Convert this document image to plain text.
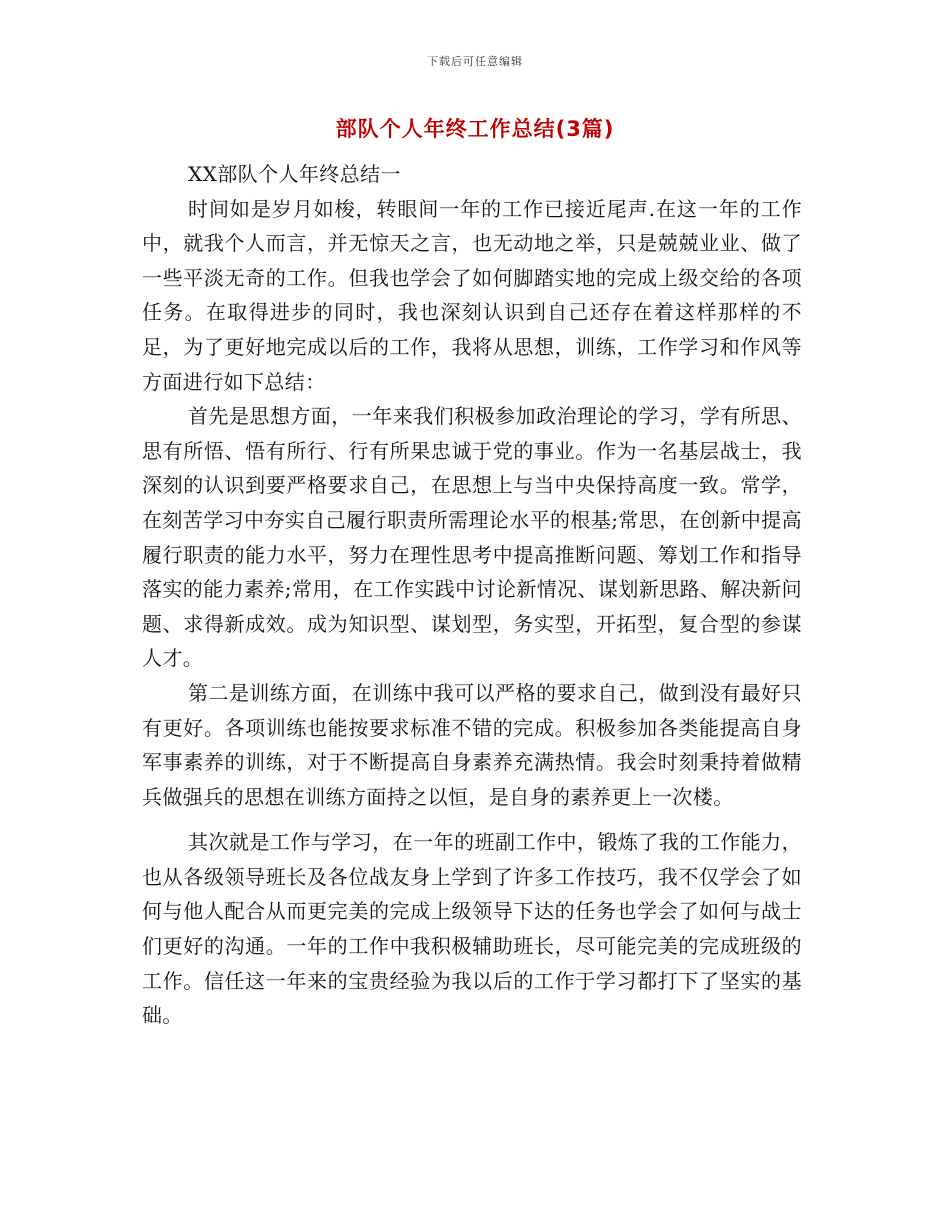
下载后可任意编辑
部队个人年终工作总结(3篇)

XX部队个人年终总结一

时间如是岁月如梭，转眼间一年的工作已接近尾声.在这一年的工作中，就我个人而言，并无惊天之言，也无动地之举，只是兢兢业业、做了一些平淡无奇的工作。但我也学会了如何脚踏实地的完成上级交给的各项任务。在取得进步的同时，我也深刻认识到自己还存在着这样那样的不足，为了更好地完成以后的工作，我将从思想，训练，工作学习和作风等方面进行如下总结：

首先是思想方面，一年来我们积极参加政治理论的学习，学有所思、思有所悟、悟有所行、行有所果忠诚于党的事业。作为一名基层战士，我深刻的认识到要严格要求自己，在思想上与当中央保持高度一致。常学，在刻苦学习中夯实自己履行职责所需理论水平的根基;常思，在创新中提高履行职责的能力水平，努力在理性思考中提高推断问题、筹划工作和指导落实的能力素养;常用，在工作实践中讨论新情况、谋划新思路、解决新问题、求得新成效。成为知识型、谋划型，务实型，开拓型，复合型的参谋人才。

第二是训练方面，在训练中我可以严格的要求自己，做到没有最好只有更好。各项训练也能按要求标准不错的完成。积极参加各类能提高自身军事素养的训练，对于不断提高自身素养充满热情。我会时刻秉持着做精兵做强兵的思想在训练方面持之以恒，是自身的素养更上一次楼。

其次就是工作与学习，在一年的班副工作中，锻炼了我的工作能力，也从各级领导班长及各位战友身上学到了许多工作技巧，我不仅学会了如何与他人配合从而更完美的完成上级领导下达的任务也学会了如何与战士们更好的沟通。一年的工作中我积极辅助班长，尽可能完美的完成班级的工作。信任这一年来的宝贵经验为我以后的工作于学习都打下了坚实的基础。
